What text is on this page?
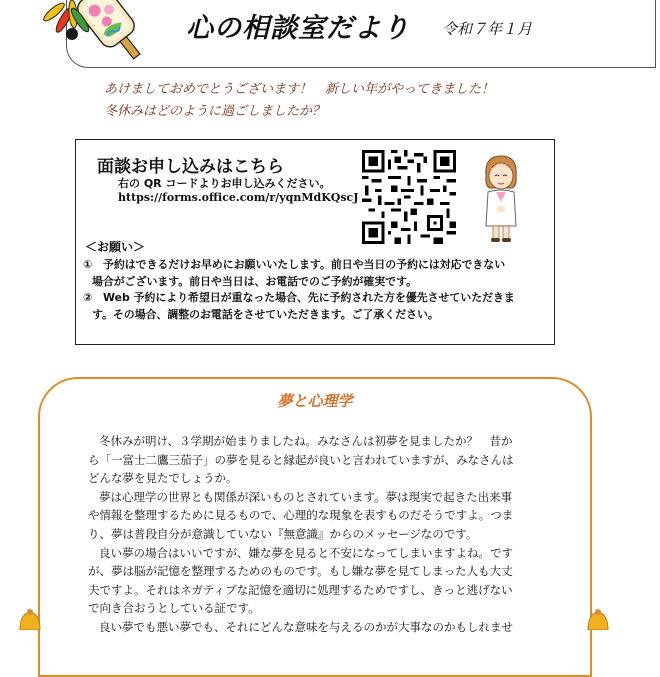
心の相談室だより 令和７年１月
あけましておめでとうございます！　新しい年がやってきました！
冬休みはどのように過ごしましたか？
面談お申し込みはこちら
右の QR コードよりお申し込みください。
https://forms.office.com/r/yqnMdKQscJ
＜お願い＞
① 予約はできるだけお早めにお願いいたします。前日や当日の予約には対応できない
場合がございます。前日や当日は、お電話でのご予約が確実です。
② Web 予約により希望日が重なった場合、先に予約された方を優先させていただきま
す。その場合、調整のお電話をさせていただきます。ご了承ください。
夢と心理学

冬休みが明け、３学期が始まりましたね。みなさんは初夢を見ましたか？　昔か
ら「一富士二鷹三茄子」の夢を見ると縁起が良いと言われていますが、みなさんは
どんな夢を見たでしょうか。

夢は心理学の世界とも関係が深いものとされています。夢は現実で起きた出来事
や情報を整理するために見るもので、心理的な現象を表すものだそうですよ。つま
り、夢は普段自分が意識していない『無意識』からのメッセージなのです。

良い夢の場合はいいですが、嫌な夢を見ると不安になってしまいますよね。です
が、夢は脳が記憶を整理するためのものです。もし嫌な夢を見てしまった人も大丈
夫ですよ。それはネガティブな記憶を適切に処理するためですし、きっと逃げない
で向き合おうとしている証です。

良い夢でも悪い夢でも、それにどんな意味を与えるのかが大事なのかもしれませ
